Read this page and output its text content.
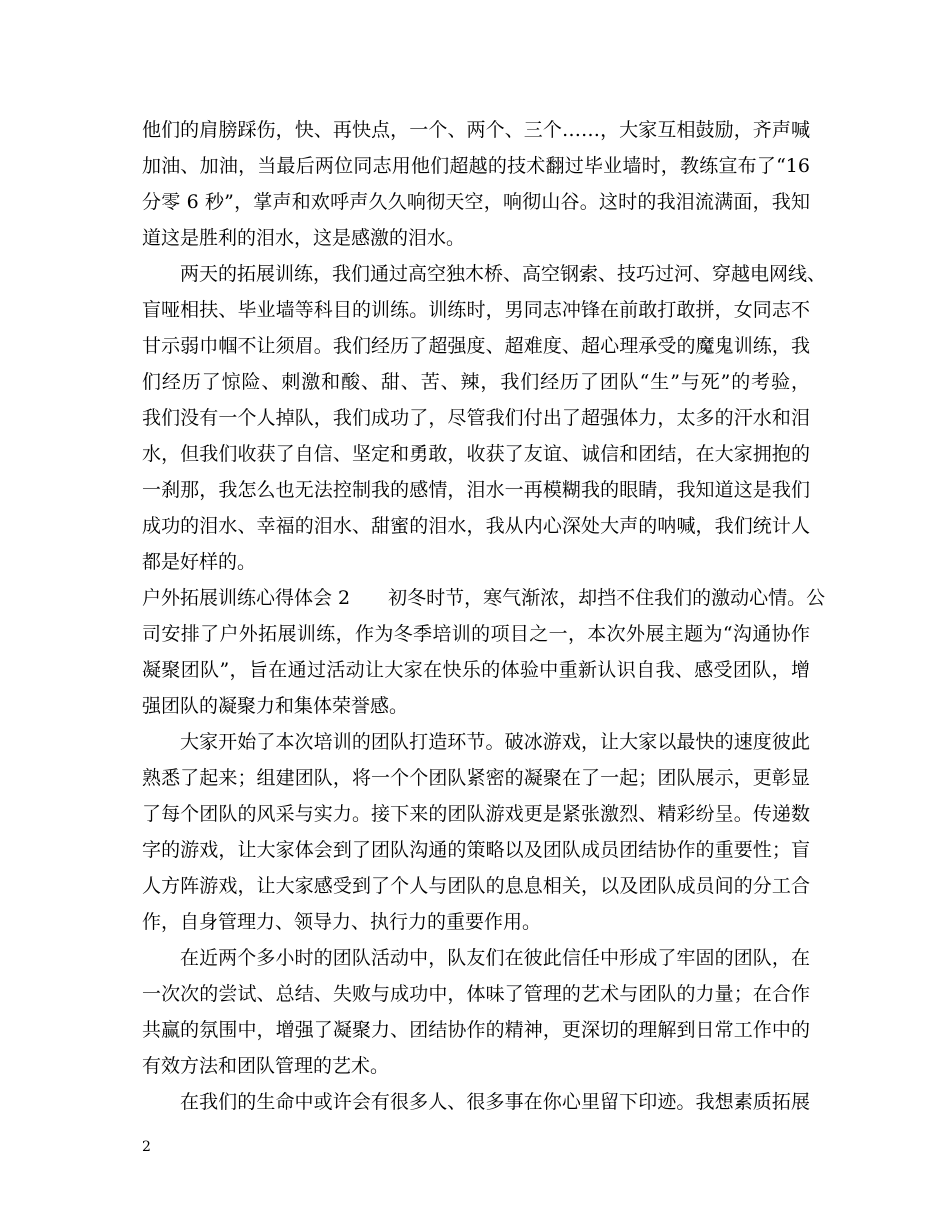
他们的肩膀踩伤，快、再快点，一个、两个、三个……，大家互相鼓励，齐声喊
加油、加油，当最后两位同志用他们超越的技术翻过毕业墙时，教练宣布了“16
分零 6 秒”，掌声和欢呼声久久响彻天空，响彻山谷。这时的我泪流满面，我知
道这是胜利的泪水，这是感激的泪水。
两天的拓展训练，我们通过高空独木桥、高空钢索、技巧过河、穿越电网线、
盲哑相扶、毕业墙等科目的训练。训练时，男同志冲锋在前敢打敢拼，女同志不
甘示弱巾帼不让须眉。我们经历了超强度、超难度、超心理承受的魔鬼训练，我
们经历了惊险、刺激和酸、甜、苦、辣，我们经历了团队“生”与死”的考验，
我们没有一个人掉队，我们成功了，尽管我们付出了超强体力，太多的汗水和泪
水，但我们收获了自信、坚定和勇敢，收获了友谊、诚信和团结，在大家拥抱的
一刹那，我怎么也无法控制我的感情，泪水一再模糊我的眼睛，我知道这是我们
成功的泪水、幸福的泪水、甜蜜的泪水，我从内心深处大声的呐喊，我们统计人
都是好样的。
户外拓展训练心得体会 2 初冬时节，寒气渐浓，却挡不住我们的激动心情。公
司安排了户外拓展训练，作为冬季培训的项目之一，本次外展主题为“沟通协作
凝聚团队”，旨在通过活动让大家在快乐的体验中重新认识自我、感受团队，增
强团队的凝聚力和集体荣誉感。
大家开始了本次培训的团队打造环节。破冰游戏，让大家以最快的速度彼此
熟悉了起来；组建团队，将一个个团队紧密的凝聚在了一起；团队展示，更彰显
了每个团队的风采与实力。接下来的团队游戏更是紧张激烈、精彩纷呈。传递数
字的游戏，让大家体会到了团队沟通的策略以及团队成员团结协作的重要性；盲
人方阵游戏，让大家感受到了个人与团队的息息相关，以及团队成员间的分工合
作，自身管理力、领导力、执行力的重要作用。
在近两个多小时的团队活动中，队友们在彼此信任中形成了牢固的团队，在
一次次的尝试、总结、失败与成功中，体味了管理的艺术与团队的力量；在合作
共赢的氛围中，增强了凝聚力、团结协作的精神，更深切的理解到日常工作中的
有效方法和团队管理的艺术。
在我们的生命中或许会有很多人、很多事在你心里留下印迹。我想素质拓展
2
